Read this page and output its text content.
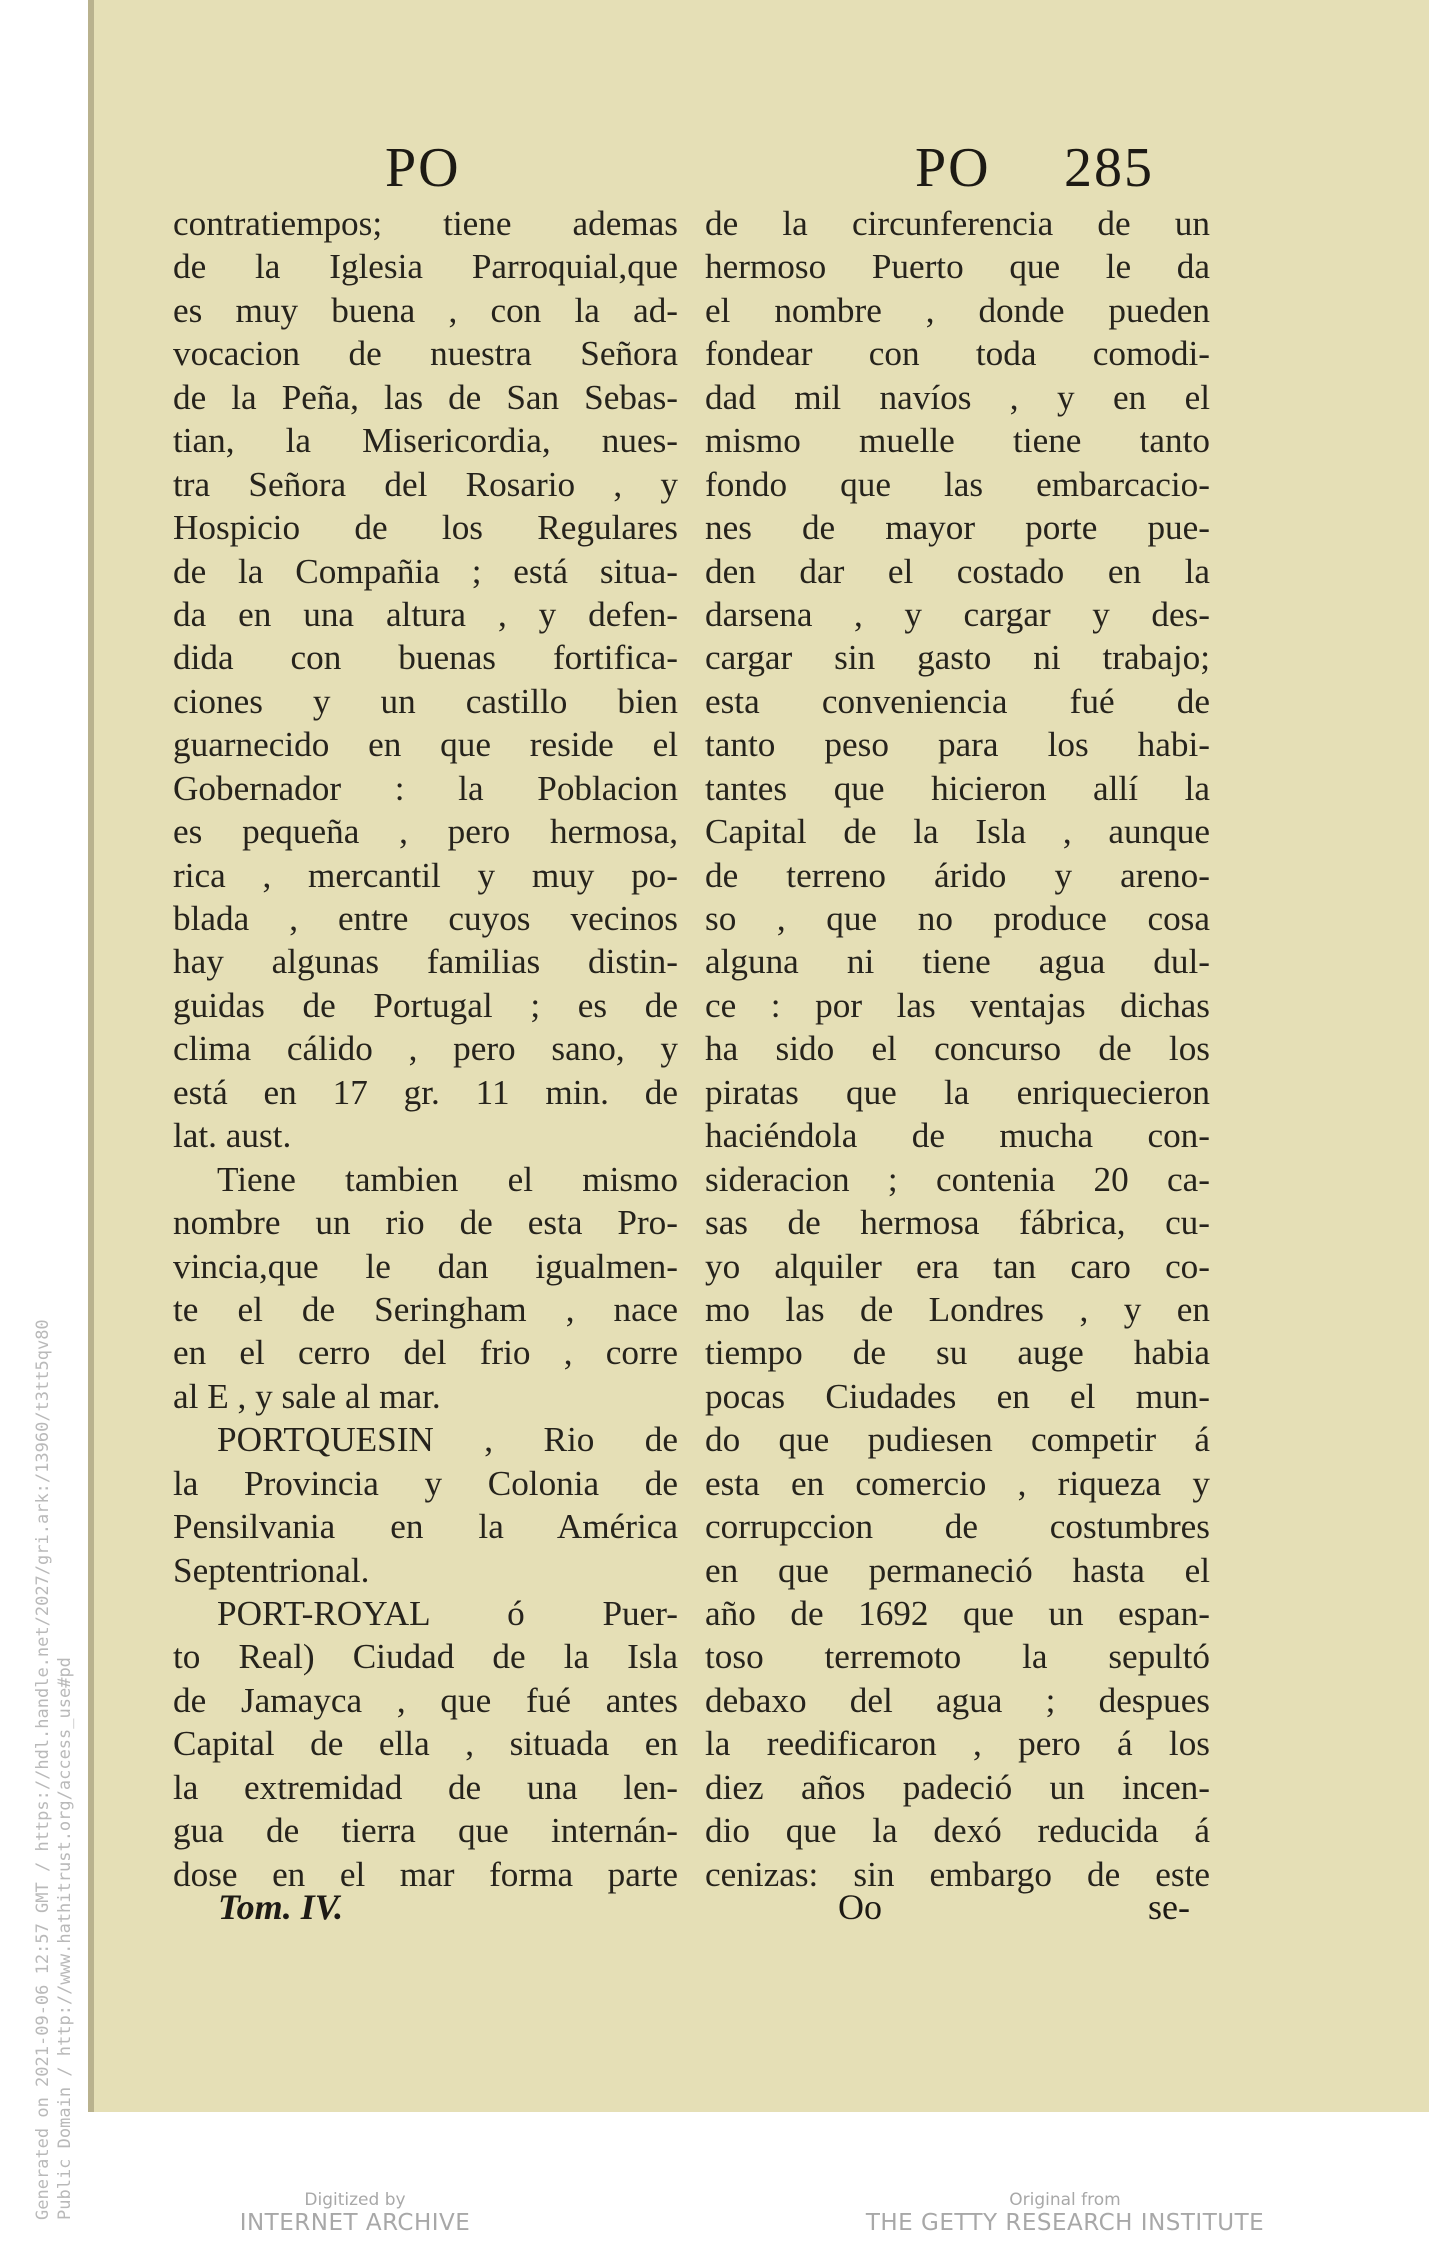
PO	PO 285
contratiempos; tiene ademas
de la Iglesia Parroquial,que
es muy buena , con la ad-
vocacion de nuestra Señora
de la Peña, las de San Sebas-
tian, la Misericordia, nues-
tra Señora del Rosario , y
Hospicio de los Regulares
de la Compañia ; está situa-
da en una altura , y defen-
dida con buenas fortifica-
ciones y un castillo bien
guarnecido en que reside el
Gobernador : la Poblacion
es pequeña , pero hermosa,
rica , mercantil y muy po-
blada , entre cuyos vecinos
hay algunas familias distin-
guidas de Portugal ; es de
clima cálido , pero sano, y
está en 17 gr. 11 min. de
lat. aust.
Tiene tambien el mismo
nombre un rio de esta Pro-
vincia,que le dan igualmen-
te el de Seringham , nace
en el cerro del frio , corre
al E , y sale al mar.
PORTQUESIN , Rio de
la Provincia y Colonia de
Pensilvania en la América
Septentrional.
PORT-ROYAL ó Puer-
to Real) Ciudad de la Isla
de Jamayca , que fué antes
Capital de ella , situada en
la extremidad de una len-
gua de tierra que internán-
dose en el mar forma parte
de la circunferencia de un
hermoso Puerto que le da
el nombre , donde pueden
fondear con toda comodi-
dad mil navíos , y en el
mismo muelle tiene tanto
fondo que las embarcacio-
nes de mayor porte pue-
den dar el costado en la
darsena , y cargar y des-
cargar sin gasto ni trabajo;
esta conveniencia fué de
tanto peso para los habi-
tantes que hicieron allí la
Capital de la Isla , aunque
de terreno árido y areno-
so , que no produce cosa
alguna ni tiene agua dul-
ce : por las ventajas dichas
ha sido el concurso de los
piratas que la enriquecieron
haciéndola de mucha con-
sideracion ; contenia 20 ca-
sas de hermosa fábrica, cu-
yo alquiler era tan caro co-
mo las de Londres , y en
tiempo de su auge habia
pocas Ciudades en el mun-
do que pudiesen competir á
esta en comercio , riqueza y
corrupccion de costumbres
en que permaneció hasta el
año de 1692 que un espan-
toso terremoto la sepultó
debaxo del agua ; despues
la reedificaron , pero á los
diez años padeció un incen-
dio que la dexó reducida á
cenizas: sin embargo de este
Tom. IV.	Oo	se-
Generated on 2021-09-06 12:57 GMT / https://hdl.handle.net/2027/gri.ark:/13960/t3tt5qv80 Public Domain / http://www.hathitrust.org/access_use#pd	Digitized by
INTERNET ARCHIVE
Original from
THE GETTY RESEARCH INSTITUTE
